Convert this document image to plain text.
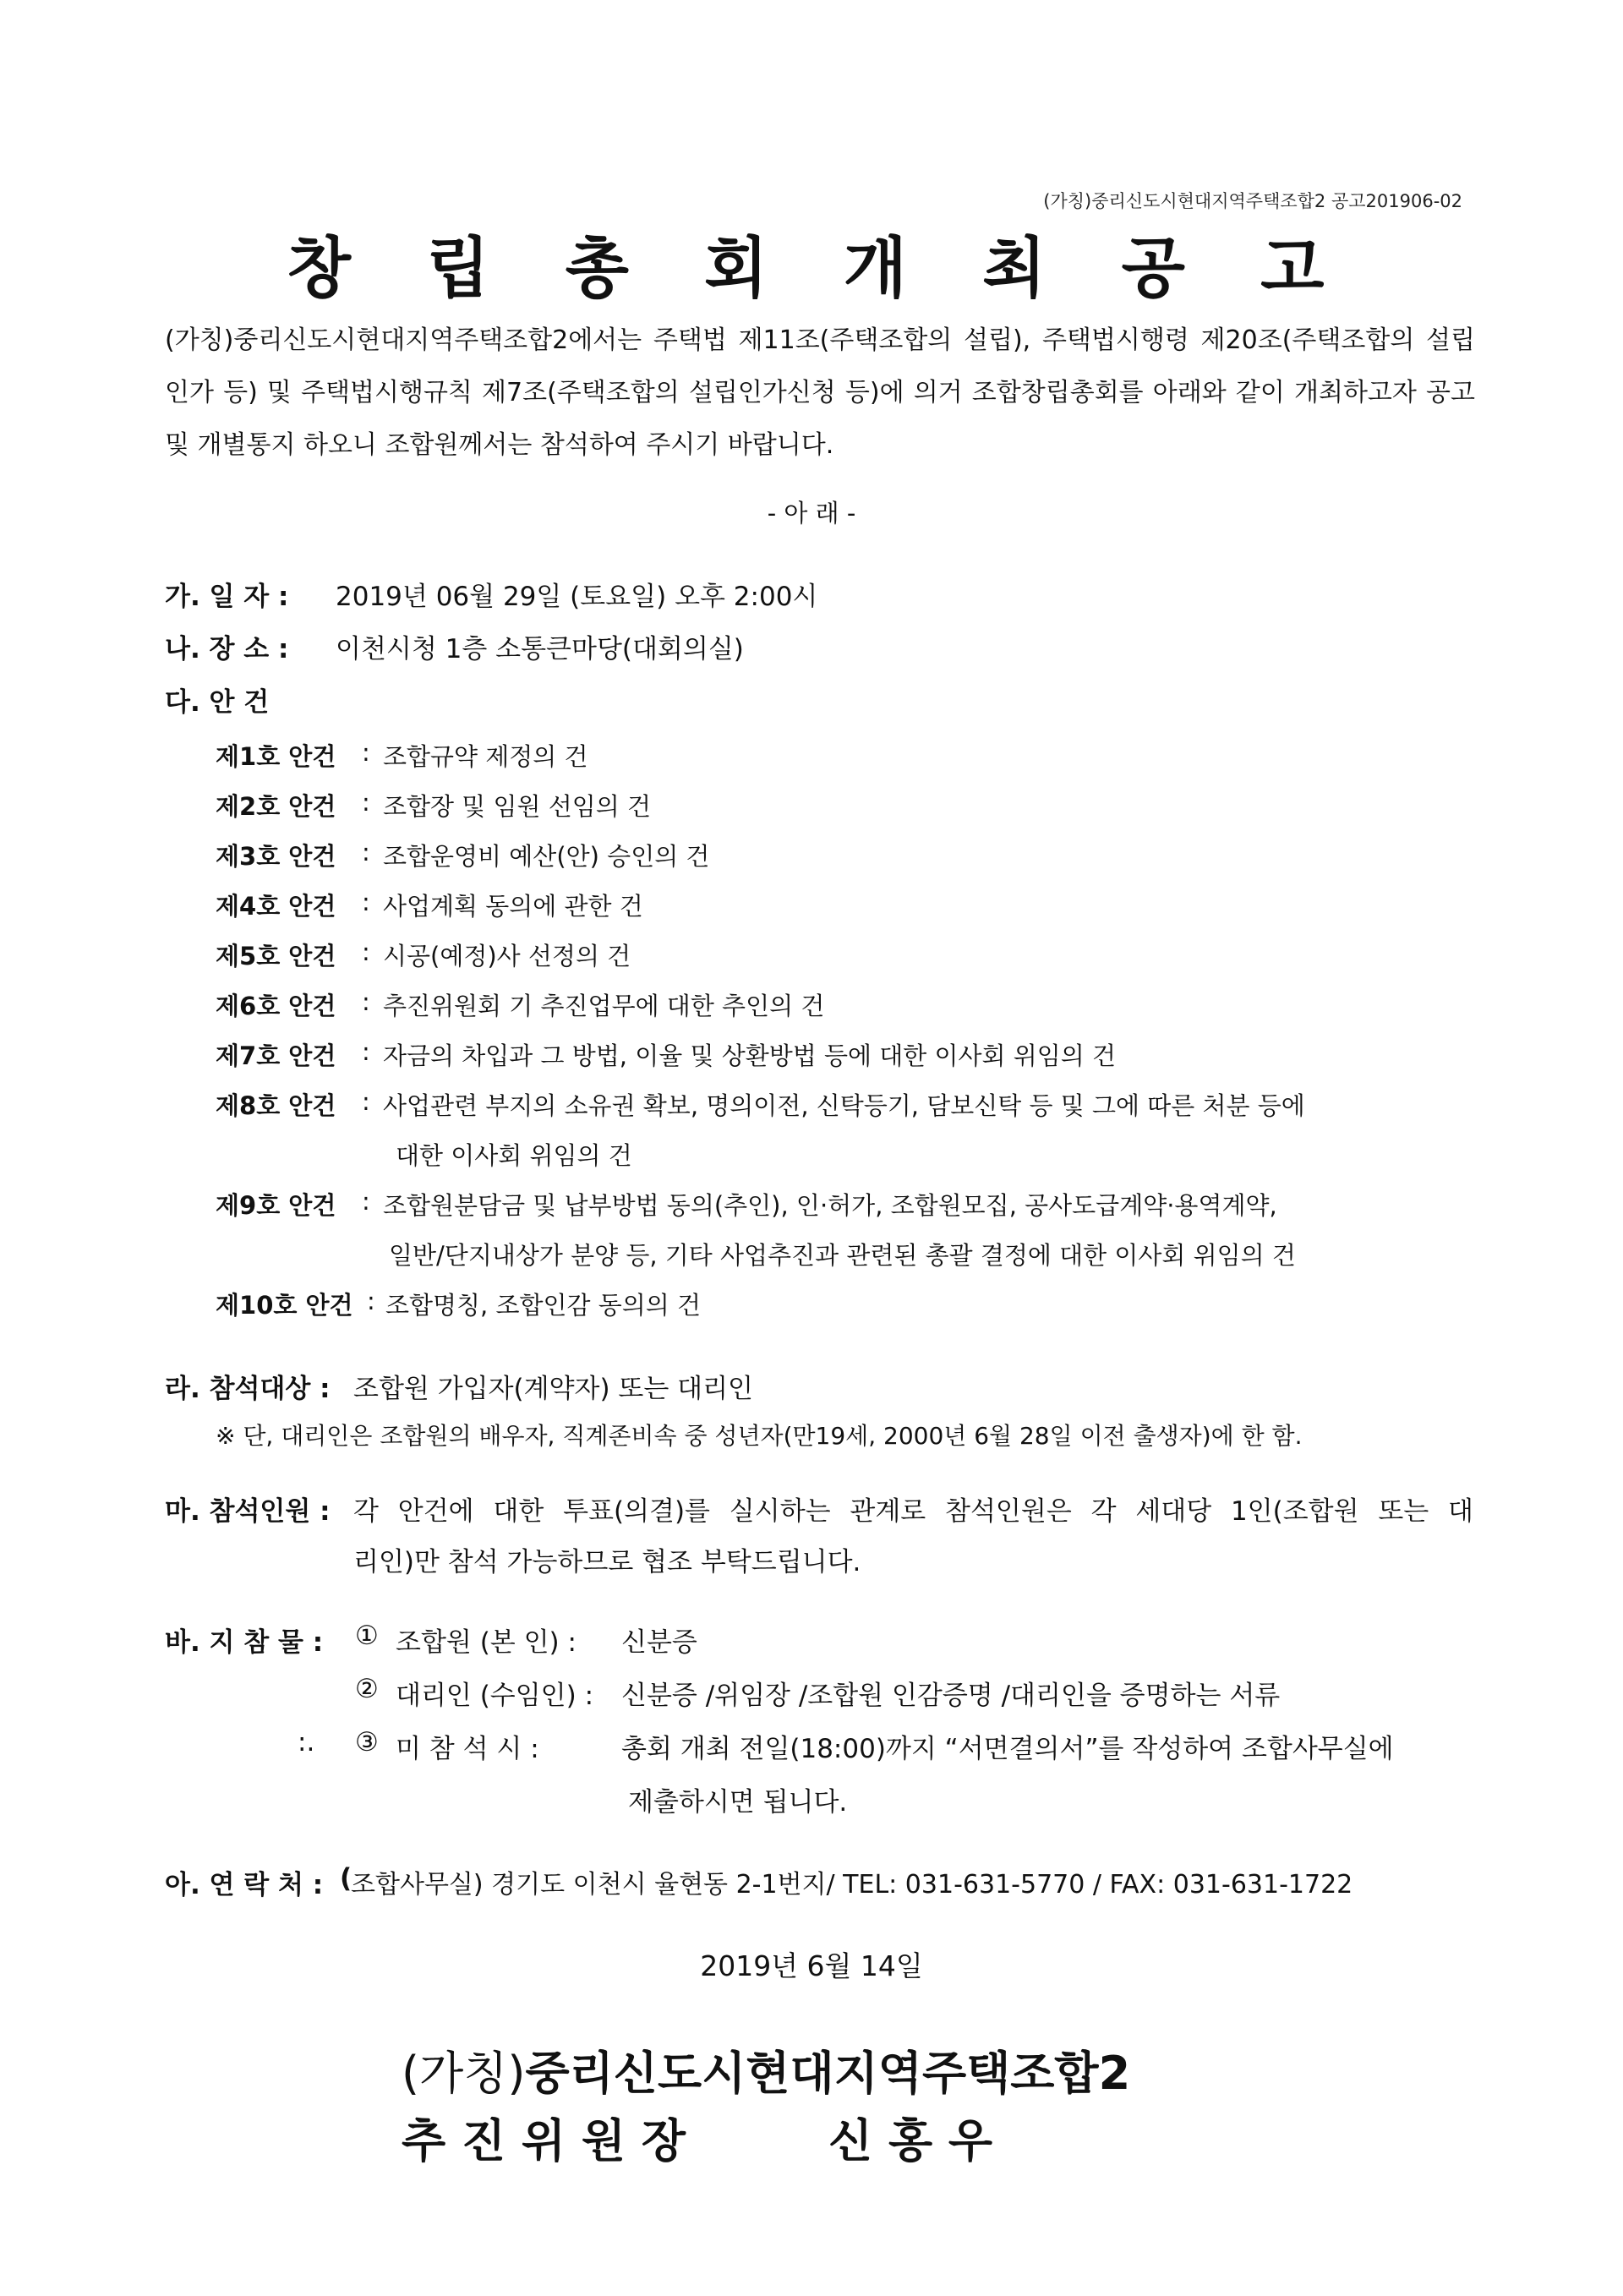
(가칭)중리신도시현대지역주택조합2 공고201906-02
창 립 총 회 개 최 공 고
(가칭)중리신도시현대지역주택조합2에서는 주택법 제11조(주택조합의 설립), 주택법시행령 제20조(주택조합의 설립인가 등) 및 주택법시행규칙 제7조(주택조합의 설립인가신청 등)에 의거 조합창립총회를 아래와 같이 개최하고자 공고 및 개별통지 하오니 조합원께서는 참석하여 주시기 바랍니다.
- 아 래 -
가. 일 자 : 2019년 06월 29일 (토요일) 오후 2:00시
나. 장 소 : 이천시청 1층 소통큰마당(대회의실)
다. 안 건
제1호 안건 : 조합규약 제정의 건
제2호 안건 : 조합장 및 임원 선임의 건
제3호 안건 : 조합운영비 예산(안) 승인의 건
제4호 안건 : 사업계획 동의에 관한 건
제5호 안건 : 시공(예정)사 선정의 건
제6호 안건 : 추진위원회 기 추진업무에 대한 추인의 건
제7호 안건 : 자금의 차입과 그 방법, 이율 및 상환방법 등에 대한 이사회 위임의 건
제8호 안건 : 사업관련 부지의 소유권 확보, 명의이전, 신탁등기, 담보신탁 등 및 그에 따른 처분 등에
대한 이사회 위임의 건
제9호 안건 : 조합원분담금 및 납부방법 동의(추인), 인·허가, 조합원모집, 공사도급계약·용역계약,
일반/단지내상가 분양 등, 기타 사업추진과 관련된 총괄 결정에 대한 이사회 위임의 건
제10호 안건 : 조합명칭, 조합인감 동의의 건
라. 참석대상 : 조합원 가입자(계약자) 또는 대리인
※ 단, 대리인은 조합원의 배우자, 직계존비속 중 성년자(만19세, 2000년 6월 28일 이전 출생자)에 한 함.
마. 참석인원 : 각 안건에 대한 투표(의결)를 실시하는 관계로 참석인원은 각 세대당 1인(조합원 또는 대
리인)만 참석 가능하므로 협조 부탁드립니다.
바. 지 참 물 : ① 조합원 (본 인) : 신분증
② 대리인 (수임인) : 신분증 /위임장 /조합원 인감증명 /대리인을 증명하는 서류
:. ③ 미 참 석 시 :	총회 개최 전일(18:00)까지 “서면결의서”를 작성하여 조합사무실에
제출하시면 됩니다.
아. 연 락 처 : (
조합사무실) 경기도 이천시 율현동 2-1번지/ TEL: 031-631-5770 / FAX: 031-631-1722
2019년 6월 14일
(가칭)중리신도시현대지역주택조합2
추 진 위 원 장	신 홍 우
